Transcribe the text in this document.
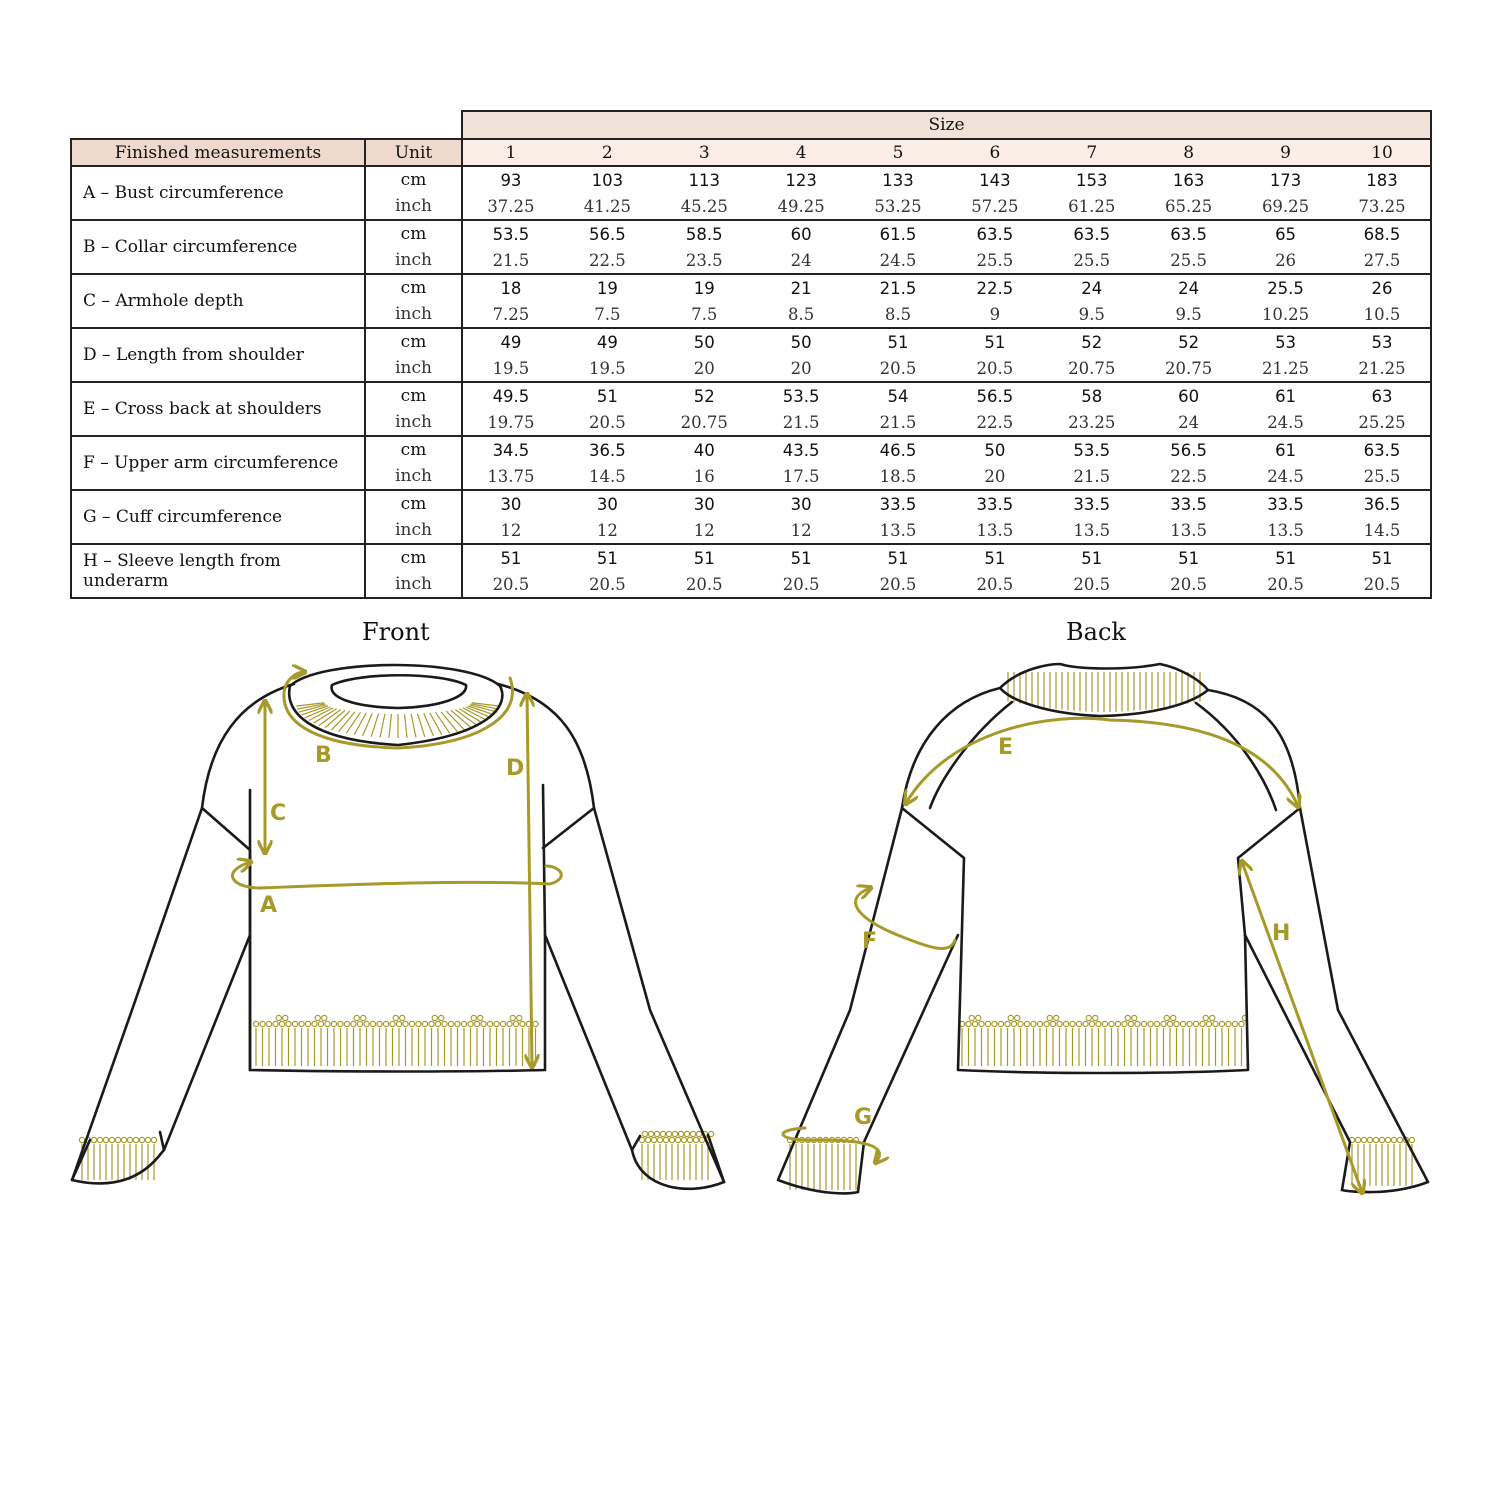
		Size									
Finished measurements	Unit	1	2	3	4	5	6	7	8	9	10
A – Bust circumference	cm	93	103	113	123	133	143	153	163	173	183
	inch	37.25	41.25	45.25	49.25	53.25	57.25	61.25	65.25	69.25	73.25
B – Collar circumference	cm	53.5	56.5	58.5	60	61.5	63.5	63.5	63.5	65	68.5
	inch	21.5	22.5	23.5	24	24.5	25.5	25.5	25.5	26	27.5
C – Armhole depth	cm	18	19	19	21	21.5	22.5	24	24	25.5	26
	inch	7.25	7.5	7.5	8.5	8.5	9	9.5	9.5	10.25	10.5
D – Length from shoulder	cm	49	49	50	50	51	51	52	52	53	53
	inch	19.5	19.5	20	20	20.5	20.5	20.75	20.75	21.25	21.25
E – Cross back at shoulders	cm	49.5	51	52	53.5	54	56.5	58	60	61	63
	inch	19.75	20.5	20.75	21.5	21.5	22.5	23.25	24	24.5	25.25
F – Upper arm circumference	cm	34.5	36.5	40	43.5	46.5	50	53.5	56.5	61	63.5
	inch	13.75	14.5	16	17.5	18.5	20	21.5	22.5	24.5	25.5
G – Cuff circumference	cm	30	30	30	30	33.5	33.5	33.5	33.5	33.5	36.5
	inch	12	12	12	12	13.5	13.5	13.5	13.5	13.5	14.5
H – Sleeve length from underarm	cm	51	51	51	51	51	51	51	51	51	51
	inch	20.5	20.5	20.5	20.5	20.5	20.5	20.5	20.5	20.5	20.5
Front	Back
B
C
D
A
E
F
G
H
